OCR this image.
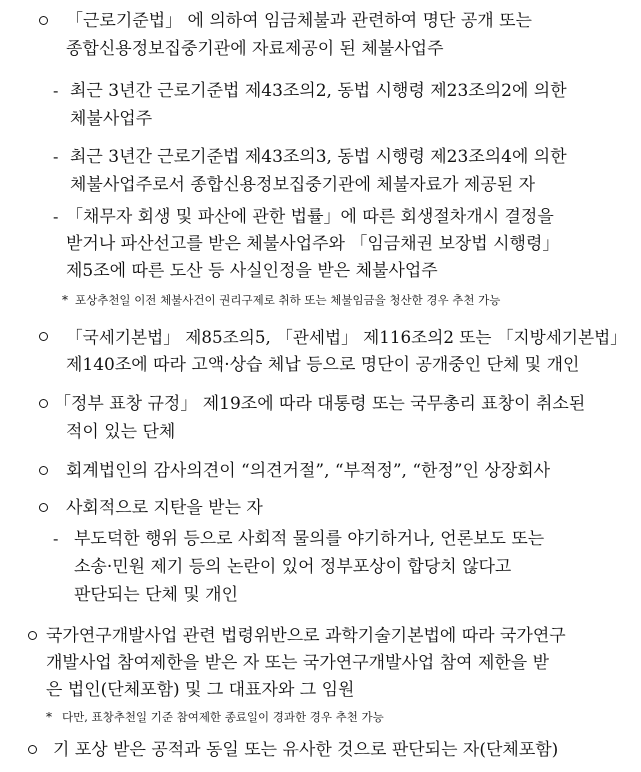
「근로기준법」 에 의하여 임금체불과 관련하여 명단 공개 또는
종합신용정보집중기관에 자료제공이 된 체불사업주
- 최근 3년간 근로기준법 제43조의2, 동법 시행령 제23조의2에 의한
체불사업주
- 최근 3년간 근로기준법 제43조의3, 동법 시행령 제23조의4에 의한
체불사업주로서 종합신용정보집중기관에 체불자료가 제공된 자
- 「채무자 회생 및 파산에 관한 법률」에 따른 회생절차개시 결정을
받거나 파산선고를 받은 체불사업주와 「임금채권 보장법 시행령」
제5조에 따른 도산 등 사실인정을 받은 체불사업주
* 포상추천일 이전 체불사건이 권리구제로 취하 또는 체불임금을 청산한 경우 추천 가능
「국세기본법」 제85조의5, 「관세법」 제116조의2 또는 「지방세기본법」
제140조에 따라 고액·상습 체납 등으로 명단이 공개중인 단체 및 개인
「정부 표창 규정」 제19조에 따라 대통령 또는 국무총리 표창이 취소된
적이 있는 단체
회계법인의 감사의견이 “의견거절”, “부적정”, “한정”인 상장회사
사회적으로 지탄을 받는 자
- 부도덕한 행위 등으로 사회적 물의를 야기하거나, 언론보도 또는
소송·민원 제기 등의 논란이 있어 정부포상이 합당치 않다고
판단되는 단체 및 개인
국가연구개발사업 관련 법령위반으로 과학기술기본법에 따라 국가연구
개발사업 참여제한을 받은 자 또는 국가연구개발사업 참여 제한을 받
은 법인(단체포함) 및 그 대표자와 그 임원
* 다만, 표창추천일 기준 참여제한 종료일이 경과한 경우 추천 가능
기 포상 받은 공적과 동일 또는 유사한 것으로 판단되는 자(단체포함)
